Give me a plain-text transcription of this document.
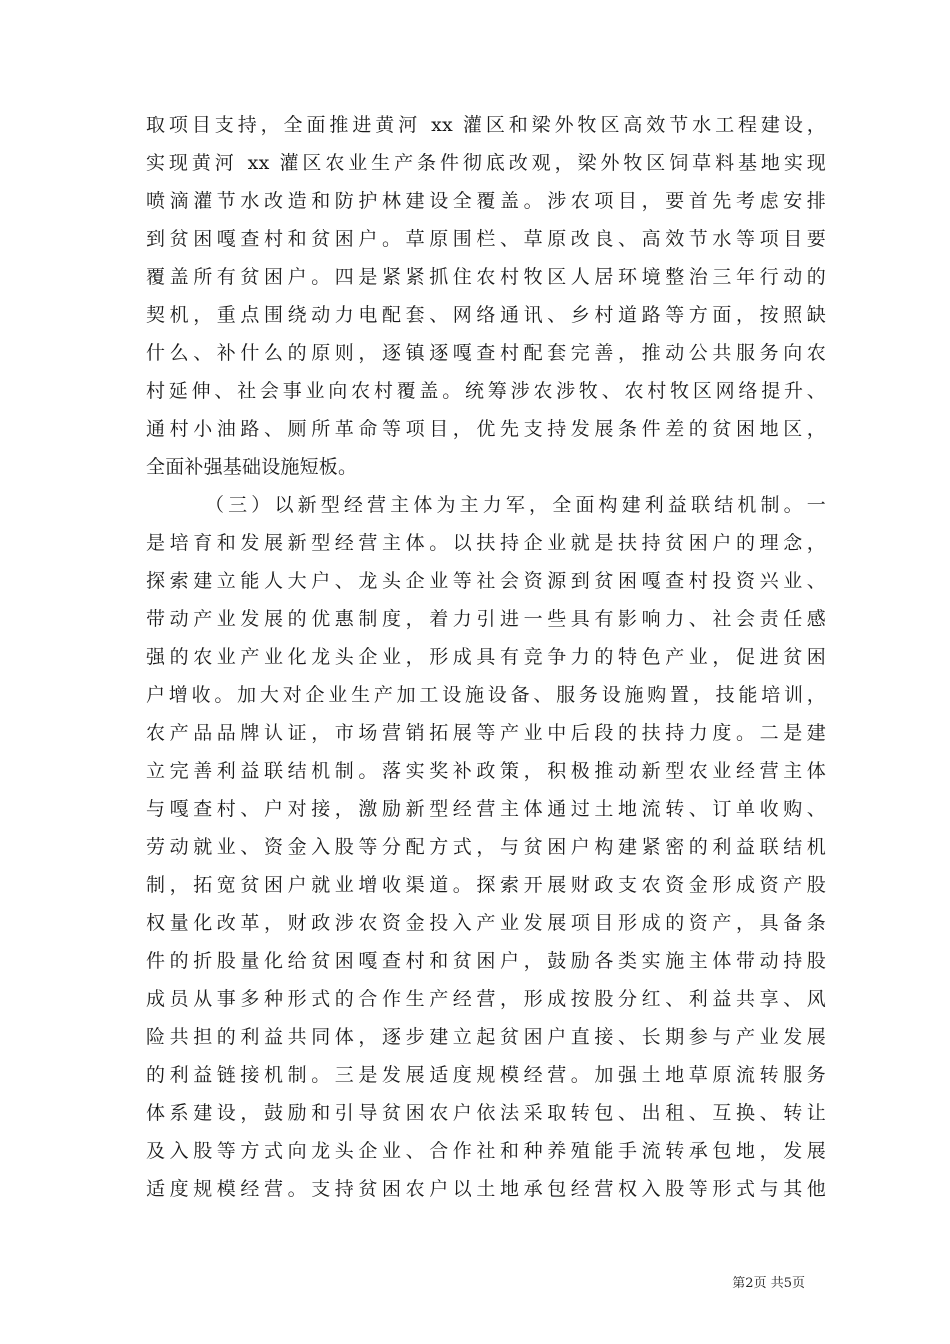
取项目支持，全面推进黄河 xx 灌区和梁外牧区高效节水工程建设，
实现黄河 xx 灌区农业生产条件彻底改观，梁外牧区饲草料基地实现
喷滴灌节水改造和防护林建设全覆盖。涉农项目，要首先考虑安排
到贫困嘎查村和贫困户。草原围栏、草原改良、高效节水等项目要
覆盖所有贫困户。四是紧紧抓住农村牧区人居环境整治三年行动的
契机，重点围绕动力电配套、网络通讯、乡村道路等方面，按照缺
什么、补什么的原则，逐镇逐嘎查村配套完善，推动公共服务向农
村延伸、社会事业向农村覆盖。统筹涉农涉牧、农村牧区网络提升、
通村小油路、厕所革命等项目，优先支持发展条件差的贫困地区，
全面补强基础设施短板。
（三）以新型经营主体为主力军，全面构建利益联结机制。一
是培育和发展新型经营主体。以扶持企业就是扶持贫困户的理念，
探索建立能人大户、龙头企业等社会资源到贫困嘎查村投资兴业、
带动产业发展的优惠制度，着力引进一些具有影响力、社会责任感
强的农业产业化龙头企业，形成具有竞争力的特色产业，促进贫困
户增收。加大对企业生产加工设施设备、服务设施购置，技能培训，
农产品品牌认证，市场营销拓展等产业中后段的扶持力度。二是建
立完善利益联结机制。落实奖补政策，积极推动新型农业经营主体
与嘎查村、户对接，激励新型经营主体通过土地流转、订单收购、
劳动就业、资金入股等分配方式，与贫困户构建紧密的利益联结机
制，拓宽贫困户就业增收渠道。探索开展财政支农资金形成资产股
权量化改革，财政涉农资金投入产业发展项目形成的资产，具备条
件的折股量化给贫困嘎查村和贫困户，鼓励各类实施主体带动持股
成员从事多种形式的合作生产经营，形成按股分红、利益共享、风
险共担的利益共同体，逐步建立起贫困户直接、长期参与产业发展
的利益链接机制。三是发展适度规模经营。加强土地草原流转服务
体系建设，鼓励和引导贫困农户依法采取转包、出租、互换、转让
及入股等方式向龙头企业、合作社和种养殖能手流转承包地，发展
适度规模经营。支持贫困农户以土地承包经营权入股等形式与其他
第2页 共5页
